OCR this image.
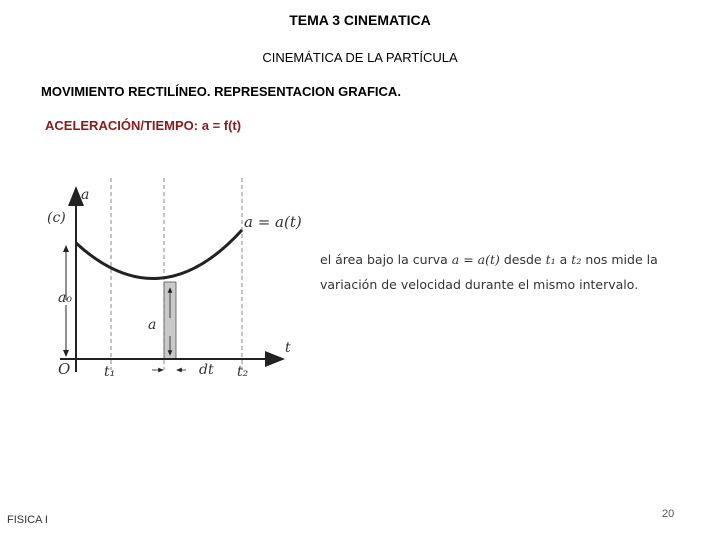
TEMA 3 CINEMATICA
CINEMÁTICA DE LA PARTÍCULA
MOVIMIENTO RECTILÍNEO. REPRESENTACION GRAFICA.
ACELERACIÓN/TIEMPO: a = f(t)
(c)
a
t
O
a = a(t)
a₀
a
t₁	dt t₂
el área bajo la curva a = a(t) desde t₁ a t₂ nos mide la
variación de velocidad durante el mismo intervalo.
FISICA I	20
